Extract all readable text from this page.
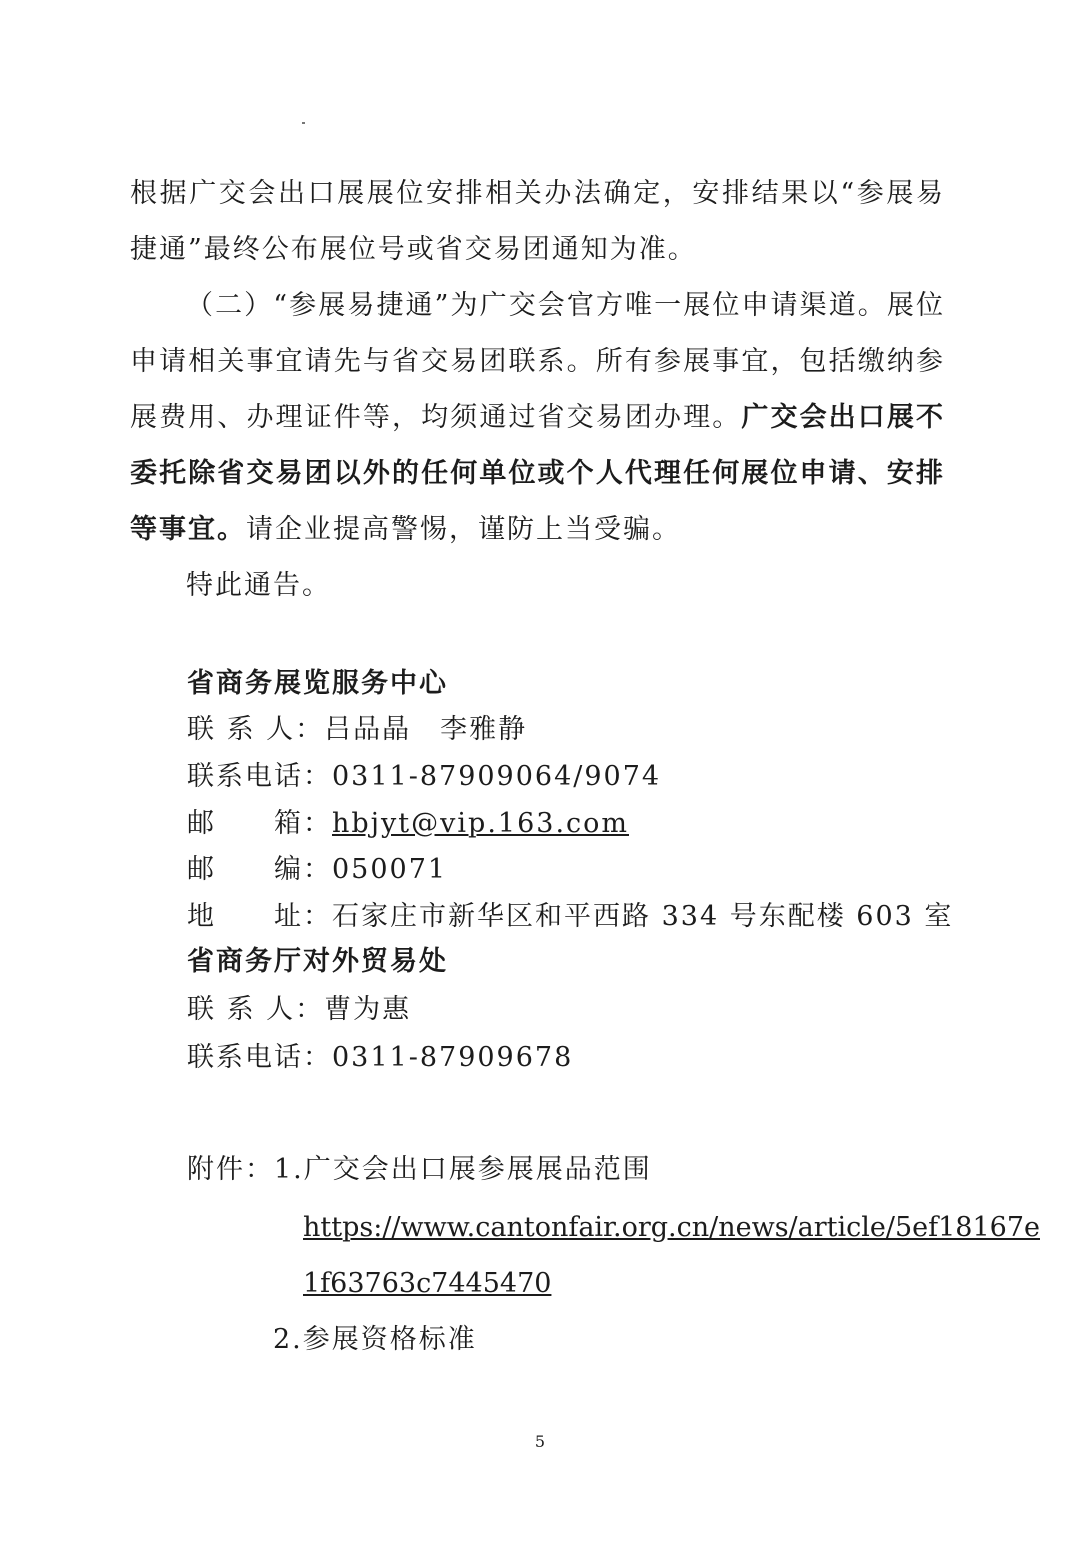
根据广交会出口展展位安排相关办法确定，安排结果以“参展易捷通”最终公布展位号或省交易团通知为准。

（二）“参展易捷通”为广交会官方唯一展位申请渠道。展位申请相关事宜请先与省交易团联系。所有参展事宜，包括缴纳参展费用、办理证件等，均须通过省交易团办理。广交会出口展不委托除省交易团以外的任何单位或个人代理任何展位申请、安排等事宜。请企业提高警惕，谨防上当受骗。

特此通告。

省商务展览服务中心

联 系 人：吕品晶　李雅静

联系电话：0311-87909064/9074

邮　　箱：hbjyt@vip.163.com

邮　　编：050071

地　　址：石家庄市新华区和平西路 334 号东配楼 603 室

省商务厅对外贸易处

联 系 人：曹为惠

联系电话：0311-87909678

附件：1.广交会出口展参展展品范围

https://www.cantonfair.org.cn/news/article/5ef18167e

1f63763c7445470

2.参展资格标准

5
